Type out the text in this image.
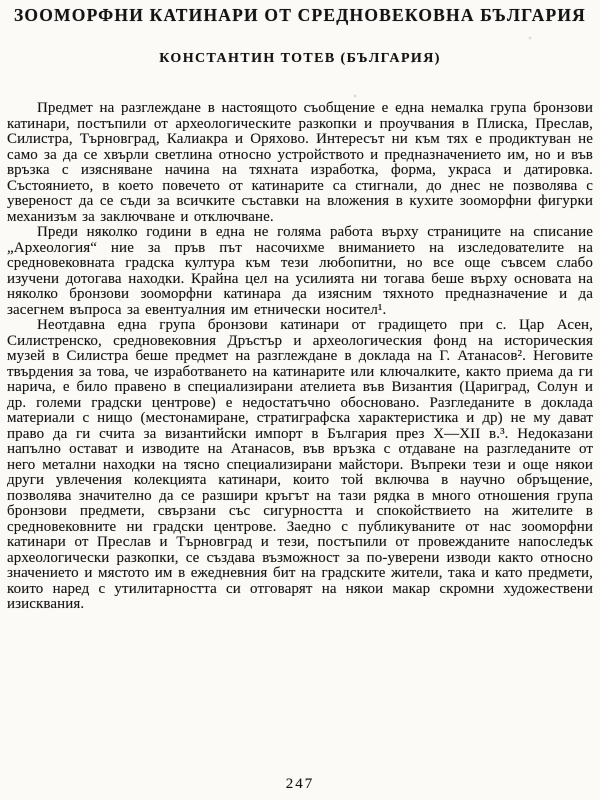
ЗООМОРФНИ КАТИНАРИ ОТ СРЕДНОВЕКОВНА БЪЛГАРИЯ
КОНСТАНТИН ТОТЕВ (БЪЛГАРИЯ)

Предмет на разглеждане в настоящото съобщение е една немалка група бронзови катинари, постъпили от археологическите разкопки и проучвания в Плиска, Преслав, Силистра, Търновград, Калиакра и Оряхово. Интересът ни към тях е продиктуван не само за да се хвърли светлина относно устройството и предназначението им, но и във връзка с изясняване начина на тяхната изработка, форма, украса и датировка. Състоянието, в което повечето от катинарите са стигнали, до днес не позволява с увереност да се съди за всичките съставки на вложения в кухите зооморфни фигурки механизъм за заключване и отключване.

Преди няколко години в една не голяма работа върху страниците на списание „Археология“ ние за пръв път насочихме вниманието на изследователите на средновековната градска култура към тези любопитни, но все още съвсем слабо изучени дотогава находки. Крайна цел на усилията ни тогава беше върху основата на няколко бронзови зооморфни катинара да изясним тяхното предназначение и да засегнем въпроса за евентуалния им етнически носител¹.

Неотдавна една група бронзови катинари от градището при с. Цар Асен, Силистренско, средновековния Дръстър и археологическия фонд на историческия музей в Силистра беше предмет на разглеждане в доклада на Г. Атанасов². Неговите твърдения за това, че изработването на катинарите или ключалките, както приема да ги нарича, е било правено в специализирани ателиета във Византия (Цариград, Солун и др. големи градски центрове) е недостатъчно обосновано. Разгледаните в доклада материали с нищо (местонамиране, стратиграфска характеристика и др) не му дават право да ги счита за византийски импорт в България през X—XII в.³. Недоказани напълно остават и изводите на Атанасов, във връзка с отдаване на разгледаните от него метални находки на тясно специализирани майстори. Въпреки тези и още някои други увлечения колекцията катинари, които той включва в научно обръщение, позволява значително да се разшири кръгът на тази рядка в много отношения група бронзови предмети, свързани със сигурността и спокойствието на жителите в средновековните ни градски центрове. Заедно с публикуваните от нас зооморфни катинари от Преслав и Търновград и тези, постъпили от провежданите напоследък археологически разкопки, се създава възможност за по-уверени изводи както относно значението и мястото им в ежедневния бит на градските жители, така и като предмети, които наред с утилитарността си отговарят на някои макар скромни художествени изисквания.

247
